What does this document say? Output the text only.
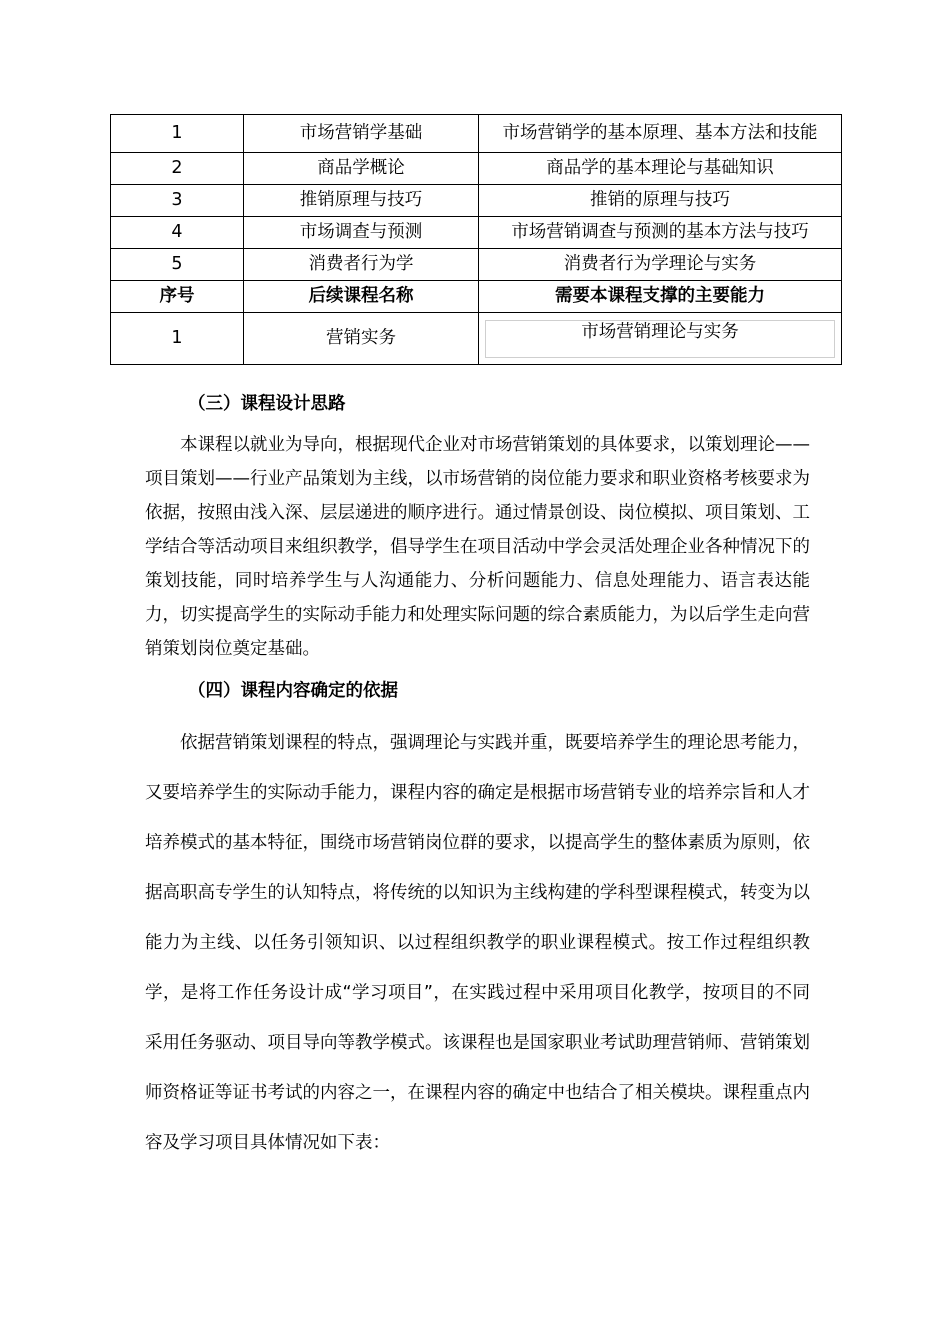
1	市场营销学基础	市场营销学的基本原理、基本方法和技能
2	商品学概论	商品学的基本理论与基础知识
3	推销原理与技巧	推销的原理与技巧
4	市场调查与预测	市场营销调查与预测的基本方法与技巧
5	消费者行为学	消费者行为学理论与实务
序号	后续课程名称	需要本课程支撑的主要能力
1	营销实务	市场营销理论与实务
（三）课程设计思路

本课程以就业为导向，根据现代企业对市场营销策划的具体要求，以策划理论——项目策划——行业产品策划为主线，以市场营销的岗位能力要求和职业资格考核要求为依据，按照由浅入深、层层递进的顺序进行。通过情景创设、岗位模拟、项目策划、工学结合等活动项目来组织教学，倡导学生在项目活动中学会灵活处理企业各种情况下的策划技能，同时培养学生与人沟通能力、分析问题能力、信息处理能力、语言表达能力，切实提高学生的实际动手能力和处理实际问题的综合素质能力，为以后学生走向营销策划岗位奠定基础。

（四）课程内容确定的依据

依据营销策划课程的特点，强调理论与实践并重，既要培养学生的理论思考能力，又要培养学生的实际动手能力，课程内容的确定是根据市场营销专业的培养宗旨和人才培养模式的基本特征，围绕市场营销岗位群的要求，以提高学生的整体素质为原则，依据高职高专学生的认知特点，将传统的以知识为主线构建的学科型课程模式，转变为以能力为主线、以任务引领知识、以过程组织教学的职业课程模式。按工作过程组织教学，是将工作任务设计成“学习项目”，在实践过程中采用项目化教学，按项目的不同采用任务驱动、项目导向等教学模式。该课程也是国家职业考试助理营销师、营销策划师资格证等证书考试的内容之一，在课程内容的确定中也结合了相关模块。课程重点内容及学习项目具体情况如下表：
